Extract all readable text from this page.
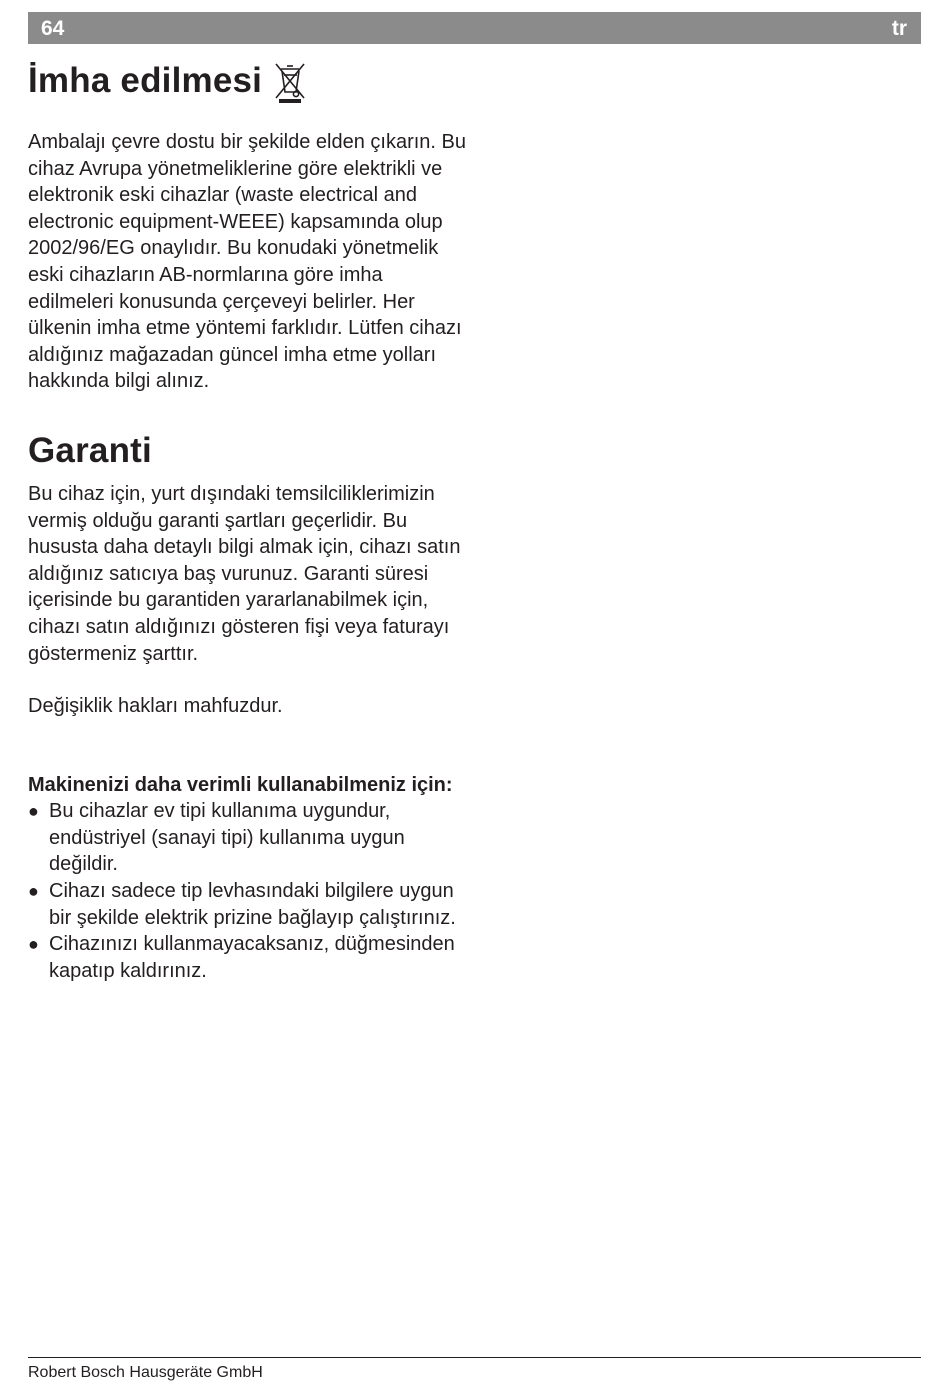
64	tr
İmha edilmesi

Ambalajı çevre dostu bir şekilde elden çıkarın. Bu cihaz Avrupa yönetmeliklerine göre elektrikli ve elektronik eski cihazlar (waste electrical and electronic equipment-WEEE) kapsamında olup 2002/96/EG onaylıdır. Bu konudaki yönetmelik eski cihazların AB-normlarına göre imha edilmeleri konusunda çerçeveyi belirler. Her ülkenin imha etme yöntemi farklıdır. Lütfen cihazı aldığınız mağazadan güncel imha etme yolları hakkında bilgi alınız.

Garanti

Bu cihaz için, yurt dışındaki temsilciliklerimizin vermiş olduğu garanti şartları geçerlidir. Bu hususta daha detaylı bilgi almak için, cihazı satın aldığınız satıcıya baş vurunuz. Garanti süresi içerisinde bu garantiden yararlanabilmek için, cihazı satın aldığınızı gösteren fişi veya faturayı göstermeniz şarttır.

Değişiklik hakları mahfuzdur.

Makinenizi daha verimli kullanabilmeniz için:

● Bu cihazlar ev tipi kullanıma uygundur, endüstriyel (sanayi tipi) kullanıma uygun değildir.
● Cihazı sadece tip levhasındaki bilgilere uygun bir şekilde elektrik prizine bağlayıp çalıştırınız.
● Cihazınızı kullanmayacaksanız, düğmesinden kapatıp kaldırınız.
Robert Bosch Hausgeräte GmbH
